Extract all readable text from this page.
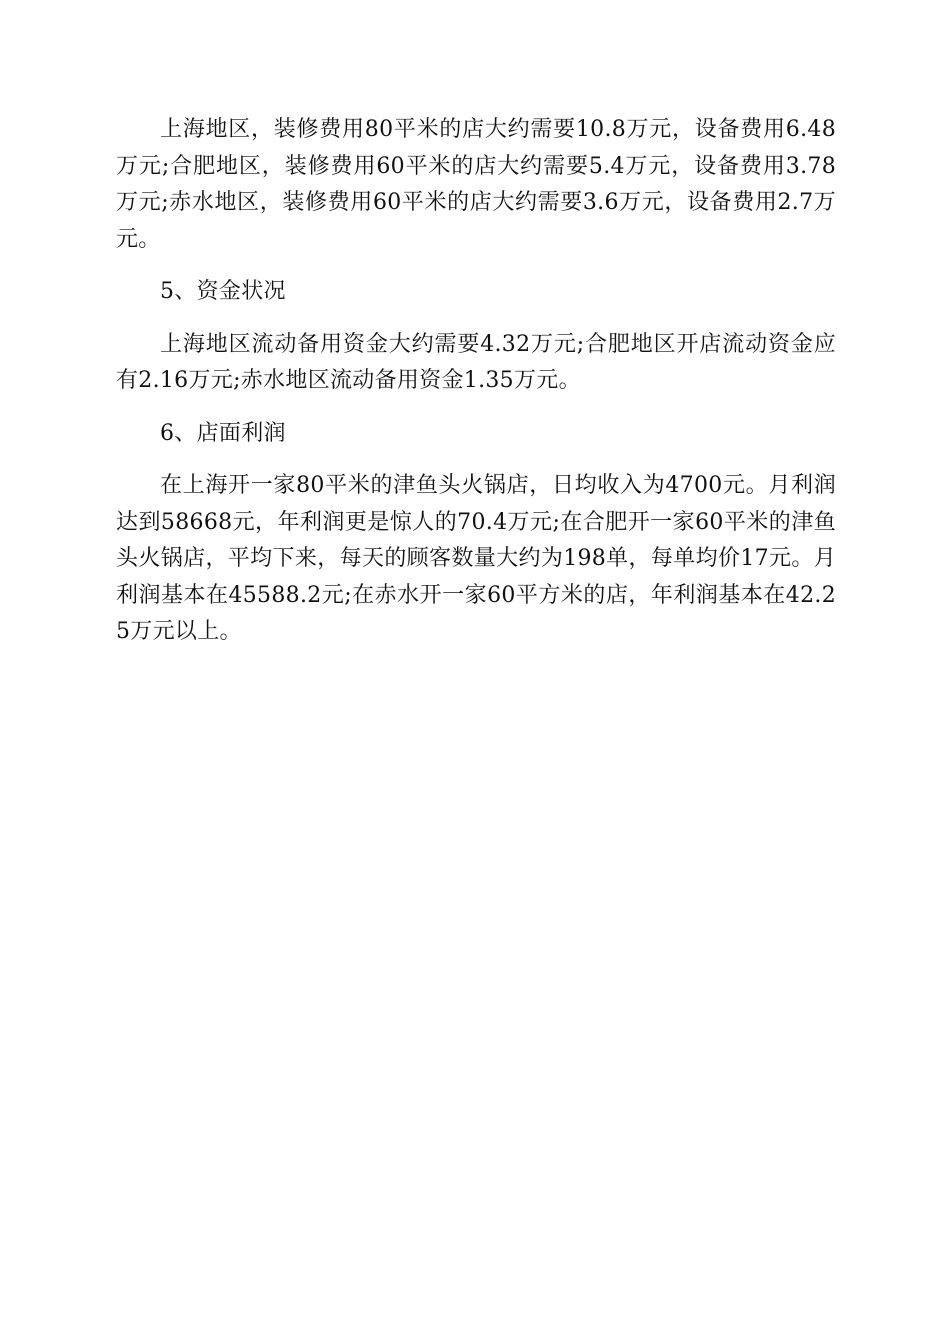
上海地区，装修费用80平米的店大约需要10.8万元，设备费用6.48万元;合肥地区，装修费用60平米的店大约需要5.4万元，设备费用3.78万元;赤水地区，装修费用60平米的店大约需要3.6万元，设备费用2.7万元。

5、资金状况

上海地区流动备用资金大约需要4.32万元;合肥地区开店流动资金应有2.16万元;赤水地区流动备用资金1.35万元。

6、店面利润

在上海开一家80平米的津鱼头火锅店，日均收入为4700元。月利润达到58668元，年利润更是惊人的70.4万元;在合肥开一家60平米的津鱼头火锅店，平均下来，每天的顾客数量大约为198单，每单均价17元。月利润基本在45588.2元;在赤水开一家60平方米的店，年利润基本在42.25万元以上。
